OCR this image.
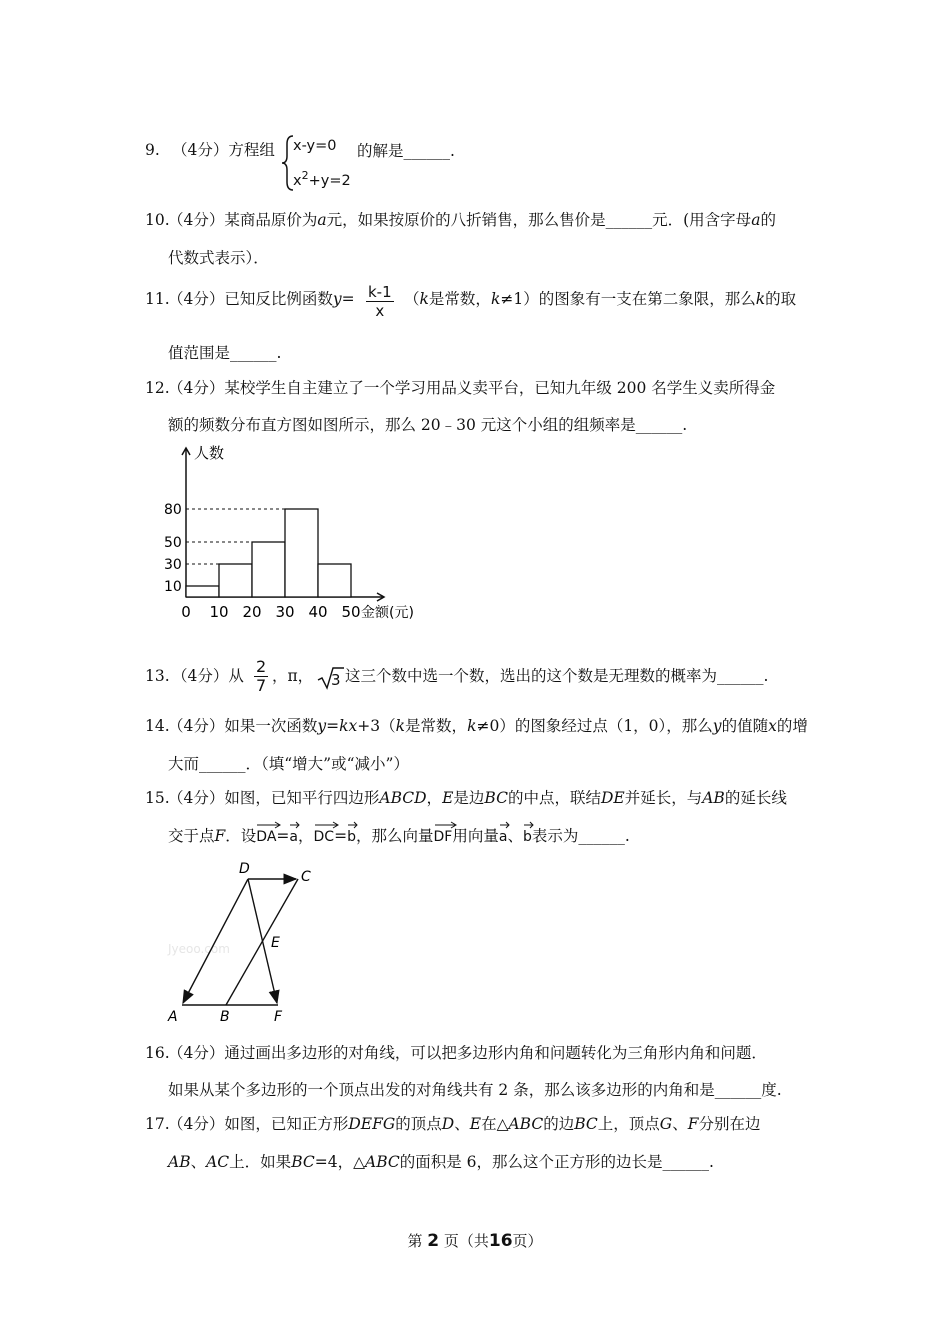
9. （4分）方程组 x-y=0
$x^2+y=2$
的解是______.
10.
（4分）某商品原价为a元，如果按原价的八折销售，那么售价是______元．(用含字母a的
代数式表示）．
11.
（4分）已知反比例函数$y= \frac{k-1}{x} (k$是常数，k≠1）的图象有一支在第二象限，那么k的取
值范围是______.
12.
（4分）某校学生自主建立了一个学习用品义卖平台，已知九年级 200 名学生义卖所得金
额的频数分布直方图如图所示，那么 20﹣30 元这个小组的组频率是______.
10
30
50
80
0 10 20 30 40 50
人数
金额(元)
13. （4分）从 $\frac{2}{7}$ ，π， 3 这三个数中选一个数，选出的这个数是无理数的概率为______.
14.
（4分）如果一次函数y=kx+3（k是常数，k≠0）的图象经过点（1，0），那么y的值随x的增
大而______．（填“增大”或“减小”）
15.
（4分）如图，已知平行四边形ABCD，E是边BC的中点，联结DE并延长，与AB的延长线
交于点F．设
DA=
a，
DC=
b，那么向量
DF用向量
a、
b表示为______.
Jyeoo.com
D	C
E
A	B	F
16.
（4分）通过画出多边形的对角线，可以把多边形内角和问题转化为三角形内角和问题．
如果从某个多边形的一个顶点出发的对角线共有 2 条，那么该多边形的内角和是______度.
17.
（4分）如图，已知正方形DEFG的顶点D、E在△ABC的边BC上，顶点G、F分别在边
AB、AC上．如果BC=4，△ABC的面积是 6，那么这个正方形的边长是______.
第 2 页（共16页）
